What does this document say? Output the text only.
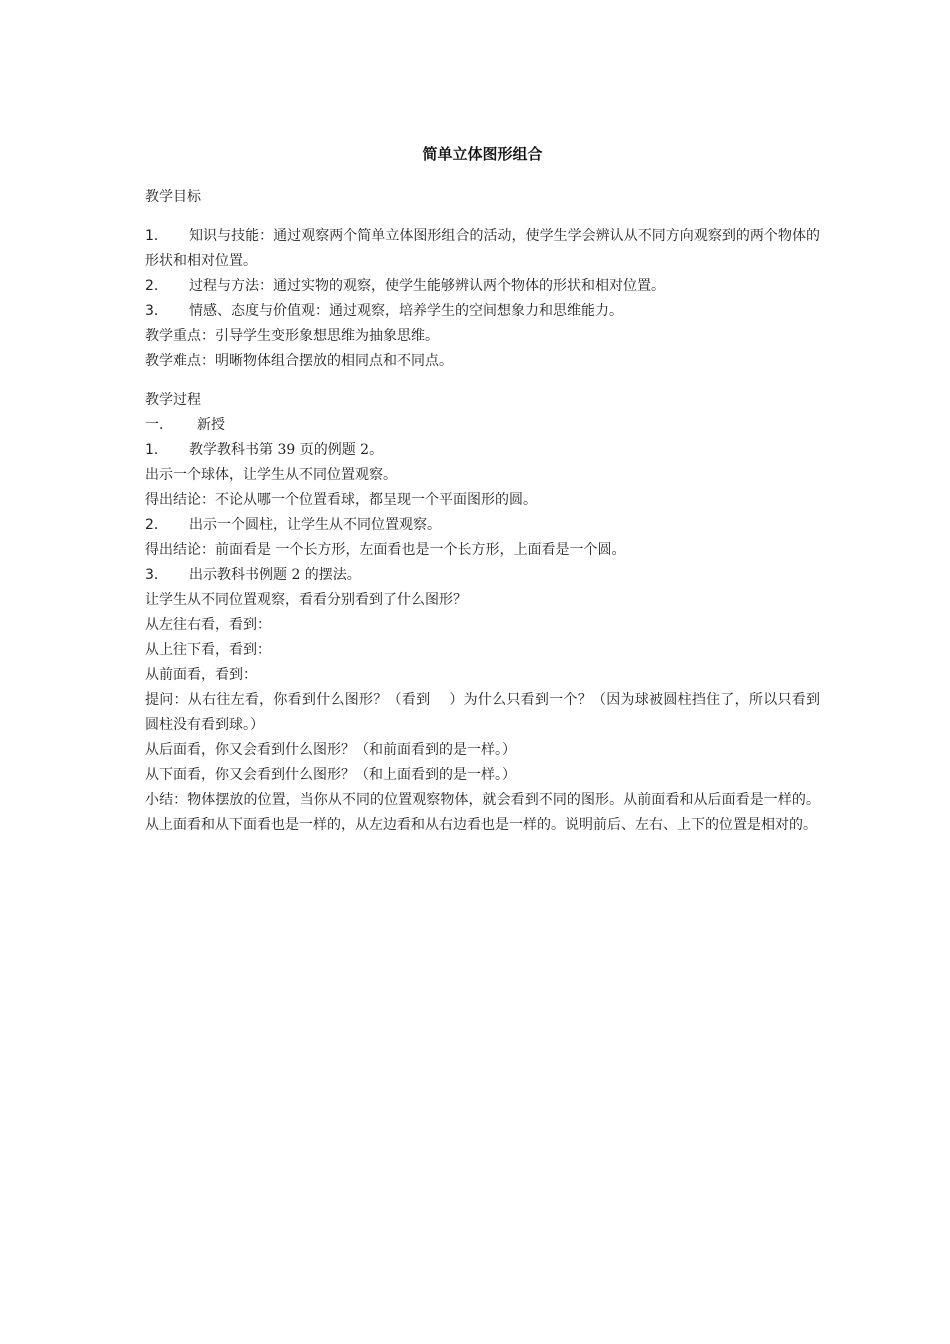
简单立体图形组合

教学目标

1． 知识与技能：通过观察两个简单立体图形组合的活动，使学生学会辨认从不同方向观察到的两个物体的形状和相对位置。

2． 过程与方法：通过实物的观察，使学生能够辨认两个物体的形状和相对位置。

3． 情感、态度与价值观：通过观察，培养学生的空间想象力和思维能力。

教学重点：引导学生变形象想思维为抽象思维。

教学难点：明晰物体组合摆放的相同点和不同点。

教学过程

一． 新授

1． 教学教科书第 39 页的例题 2。

出示一个球体，让学生从不同位置观察。

得出结论：不论从哪一个位置看球，都呈现一个平面图形的圆。

2． 出示一个圆柱，让学生从不同位置观察。

得出结论：前面看是 一个长方形，左面看也是一个长方形，上面看是一个圆。

3． 出示教科书例题 2 的摆法。

让学生从不同位置观察，看看分别看到了什么图形？

从左往右看，看到：

从上往下看，看到：

从前面看，看到：

提问：从右往左看，你看到什么图形？（看到　 ）为什么只看到一个？（因为球被圆柱挡住了，所以只看到圆柱没有看到球。）

从后面看，你又会看到什么图形？（和前面看到的是一样。）

从下面看，你又会看到什么图形？（和上面看到的是一样。）

小结：物体摆放的位置，当你从不同的位置观察物体，就会看到不同的图形。从前面看和从后面看是一样的。从上面看和从下面看也是一样的，从左边看和从右边看也是一样的。说明前后、左右、上下的位置是相对的。
